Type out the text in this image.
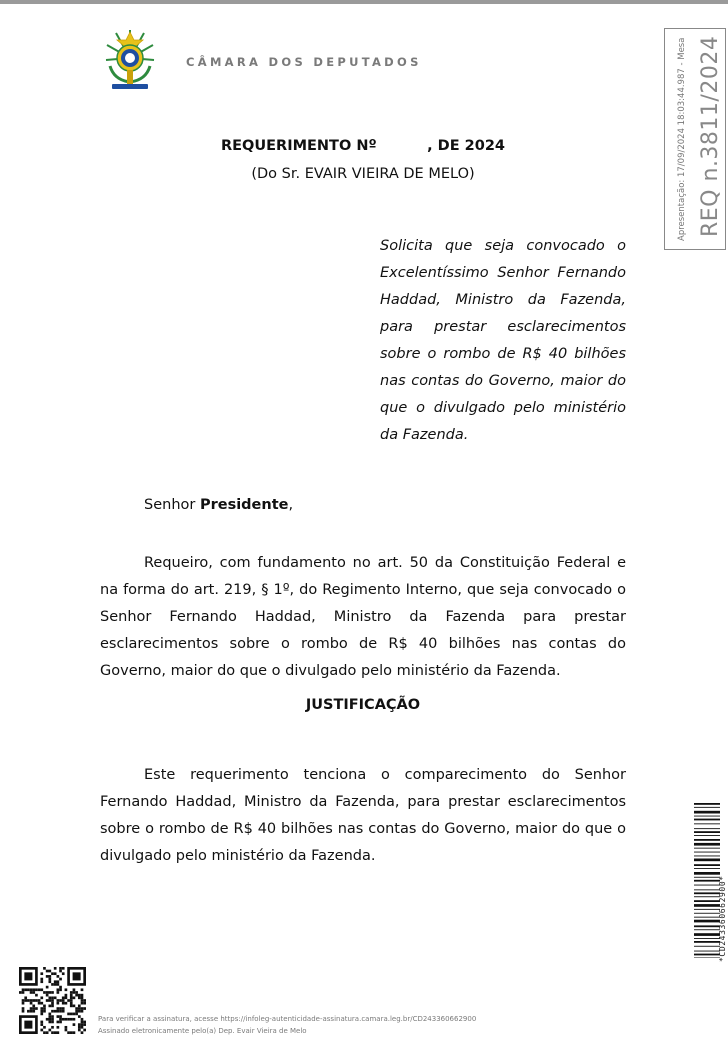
CÂMARA DOS DEPUTADOS
REQUERIMENTO Nº          , DE 2024
(Do Sr. EVAIR VIEIRA DE MELO)
Solicita que seja convocado o Excelentíssimo Senhor Fernando Haddad, Ministro da Fazenda, para prestar esclarecimentos sobre o rombo de R$ 40 bilhões nas contas do Governo, maior do que o divulgado pelo ministério da Fazenda.
Senhor Presidente,
Requeiro, com fundamento no art. 50 da Constituição Federal e na forma do art. 219, § 1º, do Regimento Interno, que seja convocado o Senhor Fernando Haddad, Ministro da Fazenda para prestar esclarecimentos sobre o rombo de R$ 40 bilhões nas contas do Governo, maior do que o divulgado pelo ministério da Fazenda.
JUSTIFICAÇÃO
Este requerimento tenciona o comparecimento do Senhor Fernando Haddad, Ministro da Fazenda, para prestar esclarecimentos sobre o rombo de R$ 40 bilhões nas contas do Governo, maior do que o divulgado pelo ministério da Fazenda.
Apresentação: 17/09/2024 18:03:44.987 - Mesa REQ n.3811/2024
*CD243360662900*
Para verificar a assinatura, acesse https://infoleg-autenticidade-assinatura.camara.leg.br/CD243360662900
Assinado eletronicamente pelo(a) Dep. Evair Vieira de Melo
